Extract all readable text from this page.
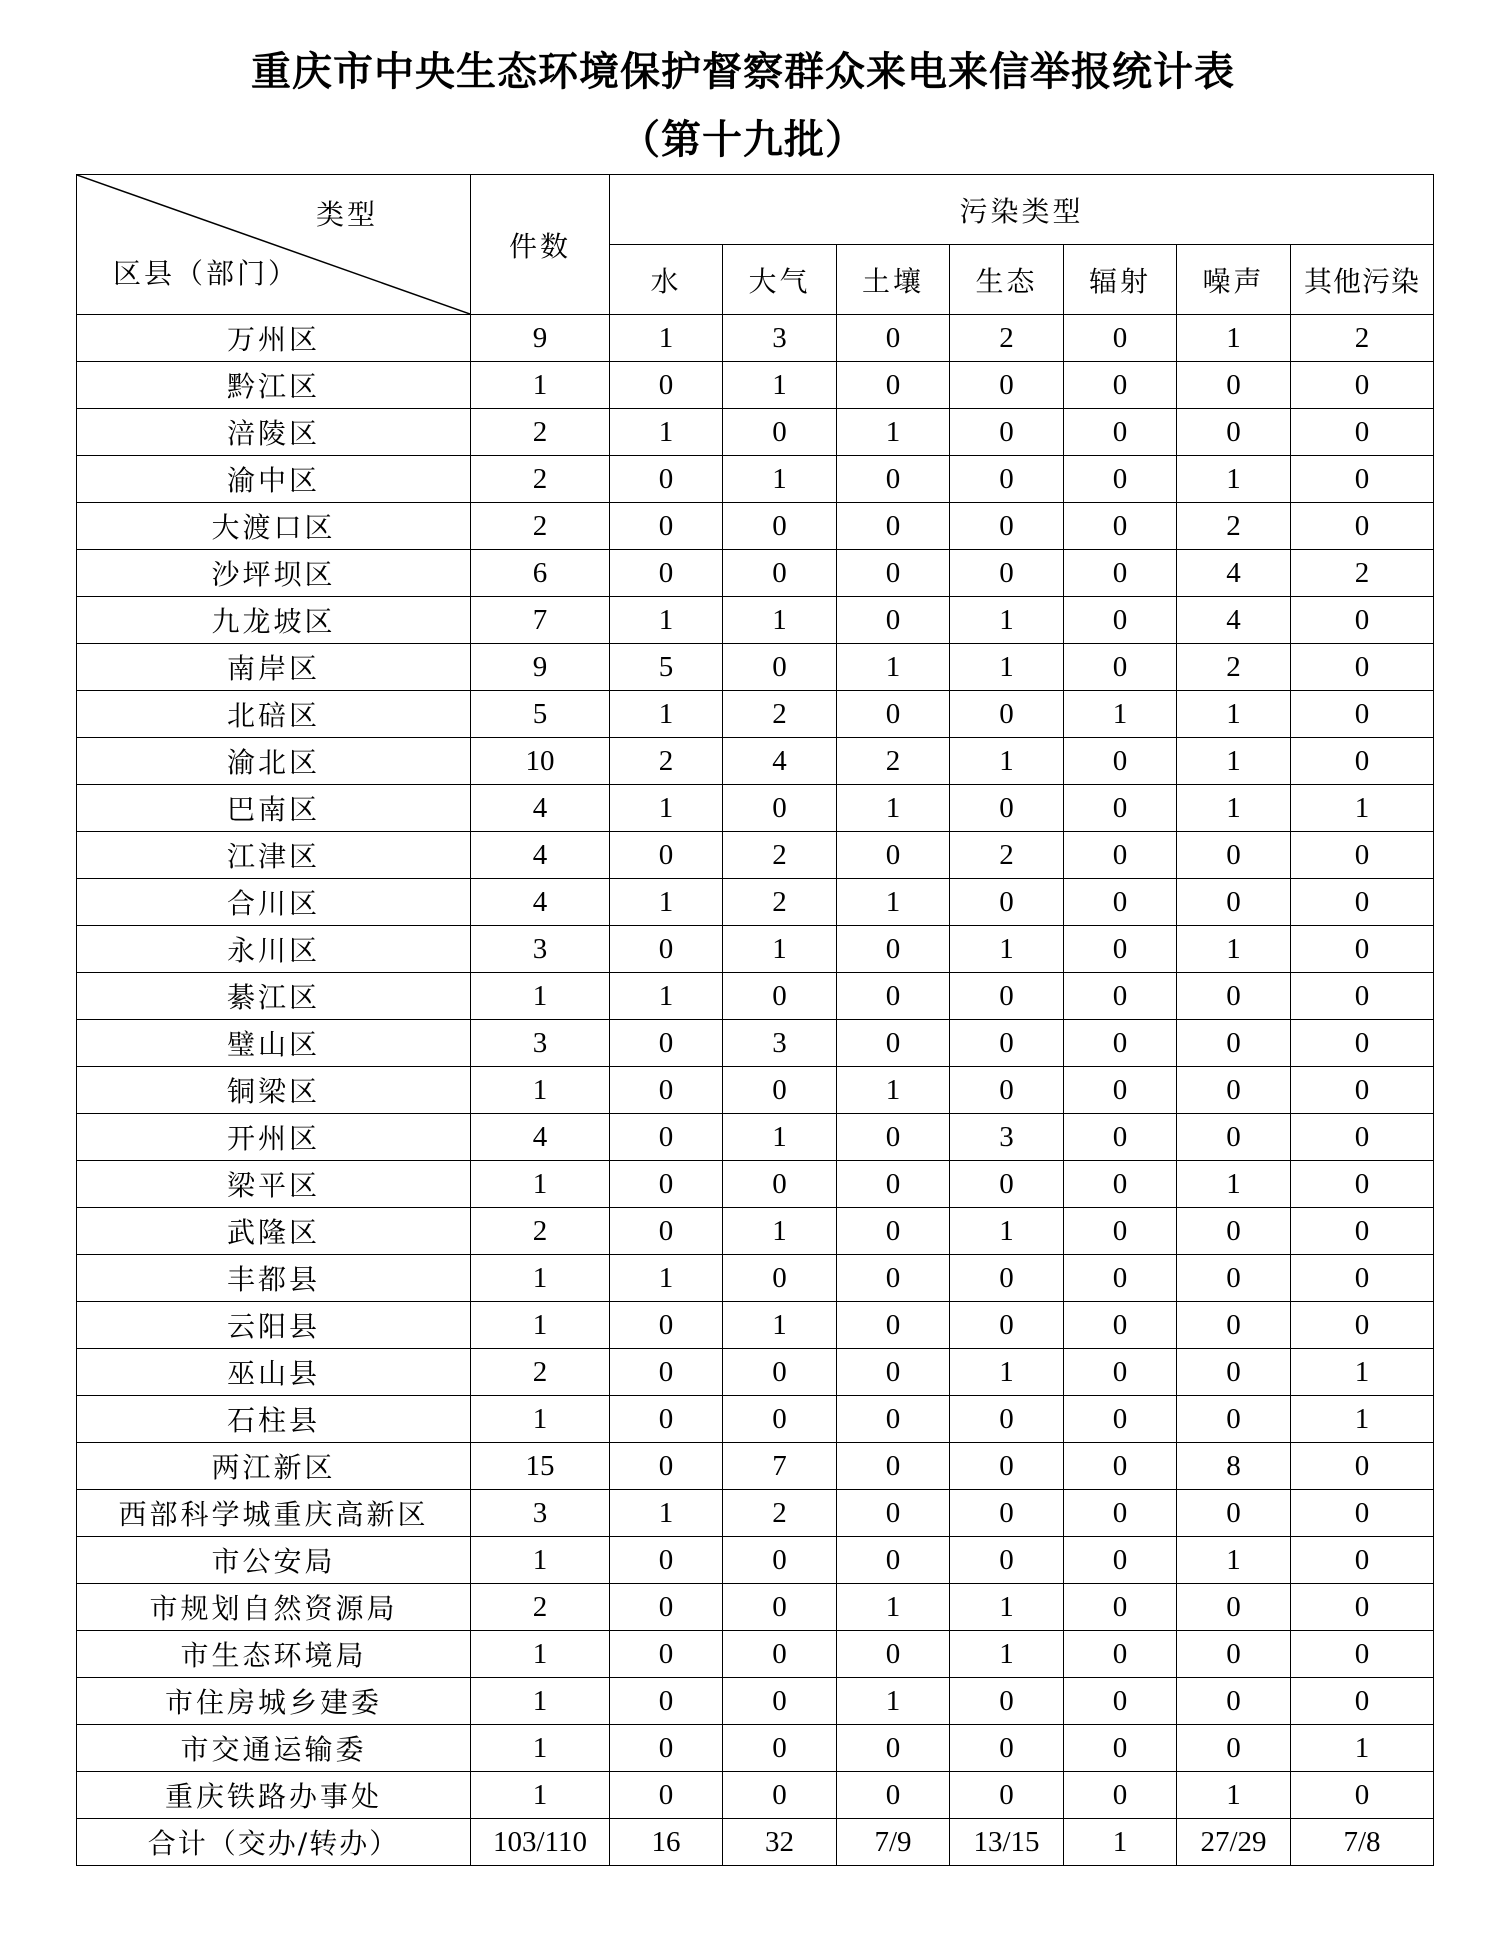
重庆市中央生态环境保护督察群众来电来信举报统计表
（第十九批）
类型
区县（部门）	件数	污染类型						
		水	大气	土壤	生态	辐射	噪声	其他污染
万州区	9	1	3	0	2	0	1	2
黔江区	1	0	1	0	0	0	0	0
涪陵区	2	1	0	1	0	0	0	0
渝中区	2	0	1	0	0	0	1	0
大渡口区	2	0	0	0	0	0	2	0
沙坪坝区	6	0	0	0	0	0	4	2
九龙坡区	7	1	1	0	1	0	4	0
南岸区	9	5	0	1	1	0	2	0
北碚区	5	1	2	0	0	1	1	0
渝北区	10	2	4	2	1	0	1	0
巴南区	4	1	0	1	0	0	1	1
江津区	4	0	2	0	2	0	0	0
合川区	4	1	2	1	0	0	0	0
永川区	3	0	1	0	1	0	1	0
綦江区	1	1	0	0	0	0	0	0
璧山区	3	0	3	0	0	0	0	0
铜梁区	1	0	0	1	0	0	0	0
开州区	4	0	1	0	3	0	0	0
梁平区	1	0	0	0	0	0	1	0
武隆区	2	0	1	0	1	0	0	0
丰都县	1	1	0	0	0	0	0	0
云阳县	1	0	1	0	0	0	0	0
巫山县	2	0	0	0	1	0	0	1
石柱县	1	0	0	0	0	0	0	1
两江新区	15	0	7	0	0	0	8	0
西部科学城重庆高新区	3	1	2	0	0	0	0	0
市公安局	1	0	0	0	0	0	1	0
市规划自然资源局	2	0	0	1	1	0	0	0
市生态环境局	1	0	0	0	1	0	0	0
市住房城乡建委	1	0	0	1	0	0	0	0
市交通运输委	1	0	0	0	0	0	0	1
重庆铁路办事处	1	0	0	0	0	0	1	0
合计（交办/转办）	103/110	16	32	7/9	13/15	1	27/29	7/8
